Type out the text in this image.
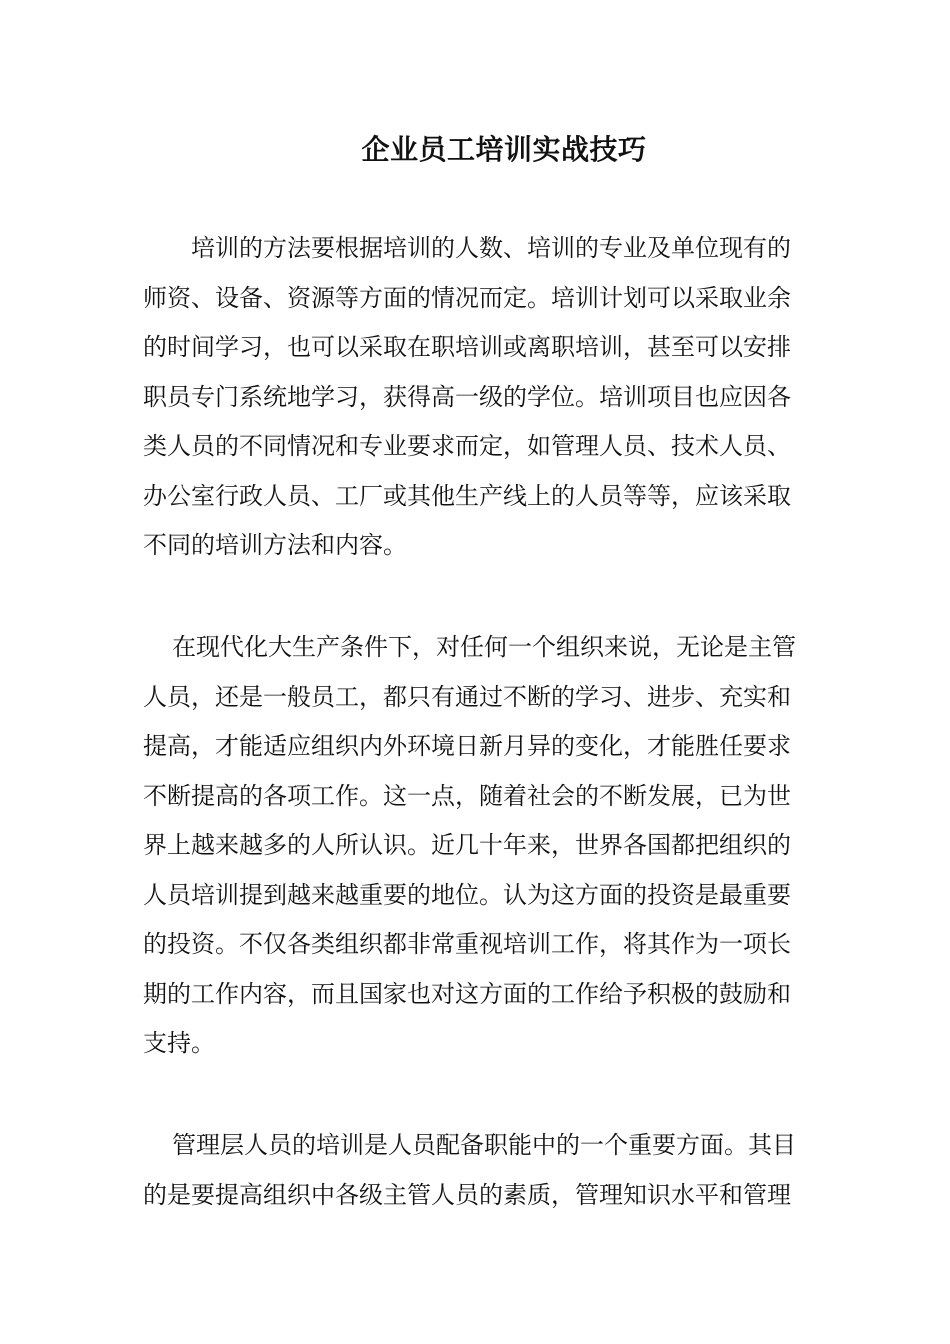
企业员工培训实战技巧
培训的方法要根据培训的人数、培训的专业及单位现有的
师资、设备、资源等方面的情况而定。培训计划可以采取业余
的时间学习，也可以采取在职培训或离职培训，甚至可以安排
职员专门系统地学习，获得高一级的学位。培训项目也应因各
类人员的不同情况和专业要求而定，如管理人员、技术人员、
办公室行政人员、工厂或其他生产线上的人员等等，应该采取
不同的培训方法和内容。
在现代化大生产条件下，对任何一个组织来说，无论是主管
人员，还是一般员工，都只有通过不断的学习、进步、充实和
提高，才能适应组织内外环境日新月异的变化，才能胜任要求
不断提高的各项工作。这一点，随着社会的不断发展，已为世
界上越来越多的人所认识。近几十年来，世界各国都把组织的
人员培训提到越来越重要的地位。认为这方面的投资是最重要
的投资。不仅各类组织都非常重视培训工作，将其作为一项长
期的工作内容，而且国家也对这方面的工作给予积极的鼓励和
支持。
管理层人员的培训是人员配备职能中的一个重要方面。其目
的是要提高组织中各级主管人员的素质，管理知识水平和管理
